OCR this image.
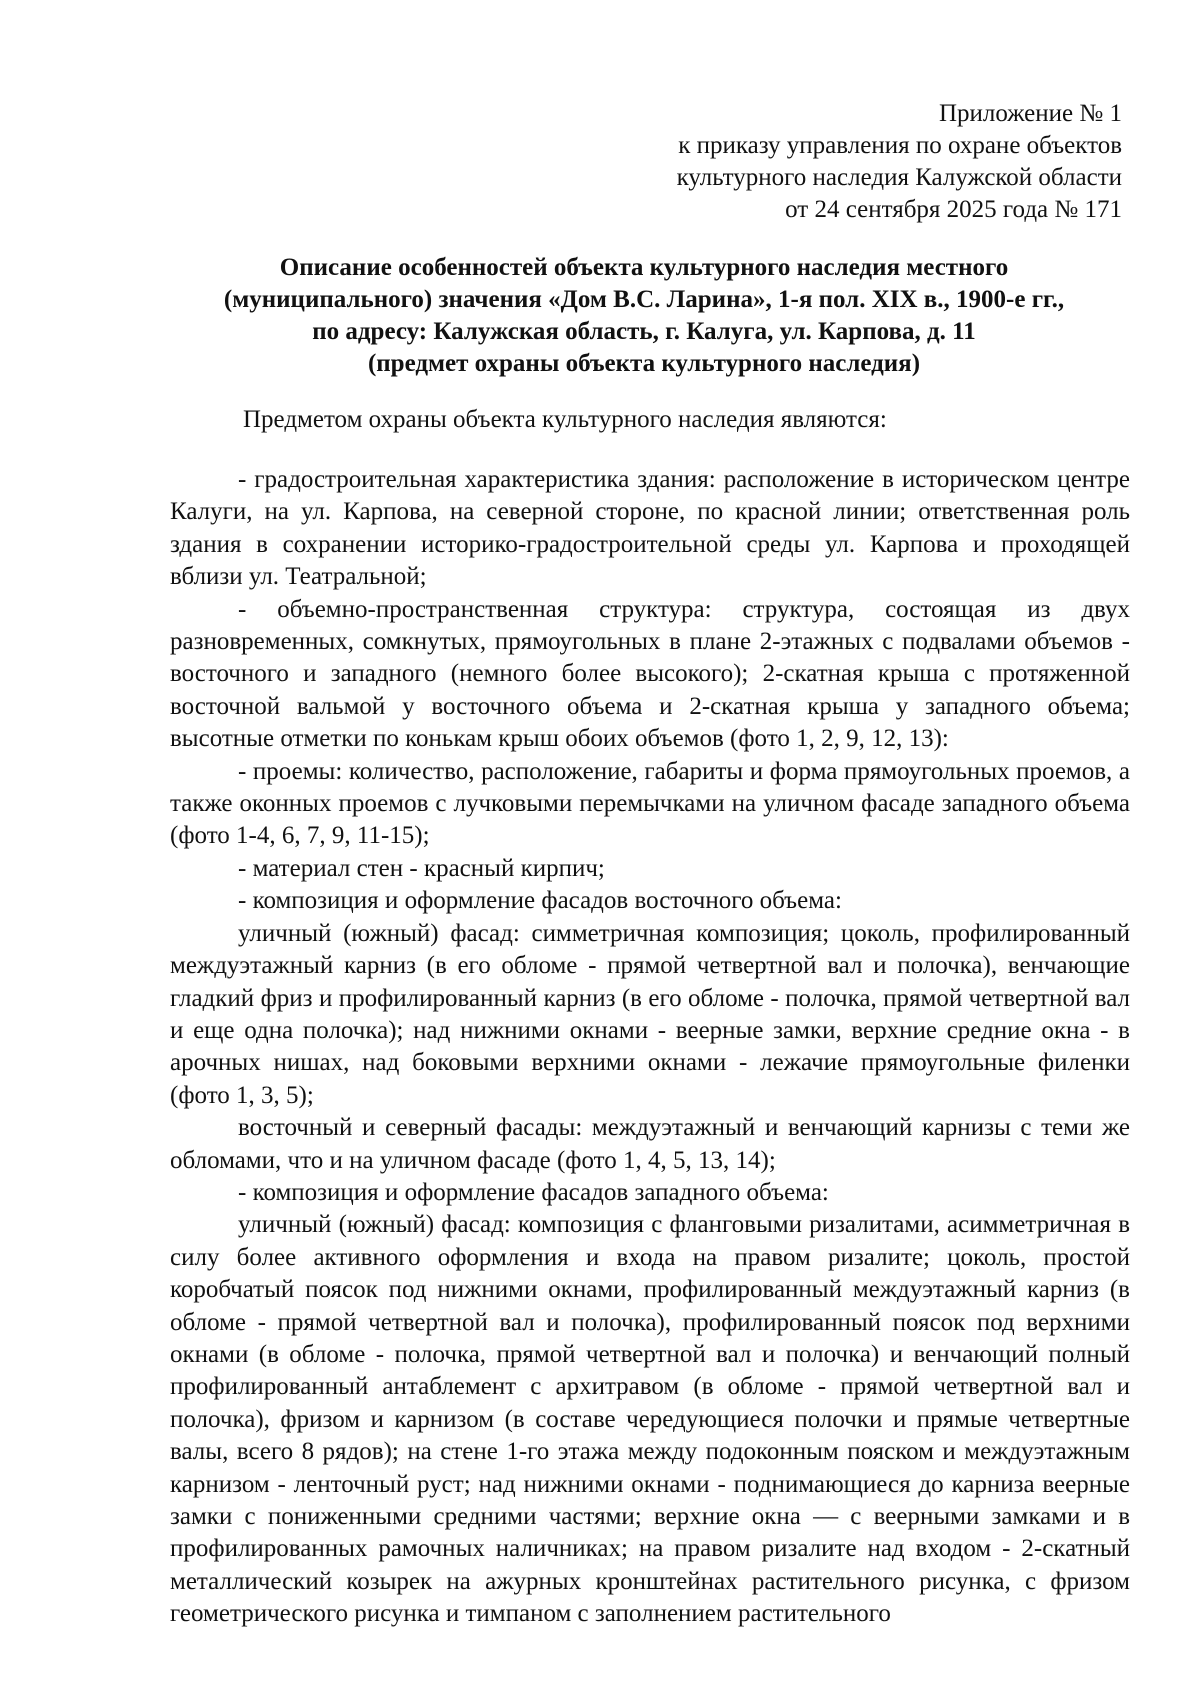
Приложение № 1
к приказу управления по охране объектов
культурного наследия Калужской области
от 24 сентября 2025 года № 171
Описание особенностей объекта культурного наследия местного
(муниципального) значения «Дом В.С. Ларина», 1-я пол. XIX в., 1900-е гг.,
по адресу: Калужская область, г. Калуга, ул. Карпова, д. 11
(предмет охраны объекта культурного наследия)
Предметом охраны объекта культурного наследия являются:

- градостроительная характеристика здания: расположение в историческом центре Калуги, на ул. Карпова, на северной стороне, по красной линии; ответственная роль здания в сохранении историко-градостроительной среды ул. Карпова и проходящей вблизи ул. Театральной;

- объемно-пространственная структура: структура, состоящая из двух разновременных, сомкнутых, прямоугольных в плане 2-этажных с подвалами объемов - восточного и западного (немного более высокого); 2-скатная крыша с протяженной восточной вальмой у восточного объема и 2-скатная крыша у западного объема; высотные отметки по конькам крыш обоих объемов (фото 1, 2, 9, 12, 13):

- проемы: количество, расположение, габариты и форма прямоугольных проемов, а также оконных проемов с лучковыми перемычками на уличном фасаде западного объема (фото 1-4, 6, 7, 9, 11-15);

- материал стен - красный кирпич;

- композиция и оформление фасадов восточного объема:

уличный (южный) фасад: симметричная композиция; цоколь, профилированный междуэтажный карниз (в его обломе - прямой четвертной вал и полочка), венчающие гладкий фриз и профилированный карниз (в его обломе - полочка, прямой четвертной вал и еще одна полочка); над нижними окнами - веерные замки, верхние средние окна - в арочных нишах, над боковыми верхними окнами - лежачие прямоугольные филенки (фото 1, 3, 5);

восточный и северный фасады: междуэтажный и венчающий карнизы с теми же обломами, что и на уличном фасаде (фото 1, 4, 5, 13, 14);

- композиция и оформление фасадов западного объема:

уличный (южный) фасад: композиция с фланговыми ризалитами, асимметричная в силу более активного оформления и входа на правом ризалите; цоколь, простой коробчатый поясок под нижними окнами, профилированный междуэтажный карниз (в обломе - прямой четвертной вал и полочка), профилированный поясок под верхними окнами (в обломе - полочка, прямой четвертной вал и полочка) и венчающий полный профилированный антаблемент с архитравом (в обломе - прямой четвертной вал и полочка), фризом и карнизом (в составе чередующиеся полочки и прямые четвертные валы, всего 8 рядов); на стене 1-го этажа между подоконным пояском и междуэтажным карнизом - ленточный руст; над нижними окнами - поднимающиеся до карниза веерные замки с пониженными средними частями; верхние окна — с веерными замками и в профилированных рамочных наличниках; на правом ризалите над входом - 2-скатный металлический козырек на ажурных кронштейнах растительного рисунка, с фризом геометрического рисунка и тимпаном с заполнением растительного
